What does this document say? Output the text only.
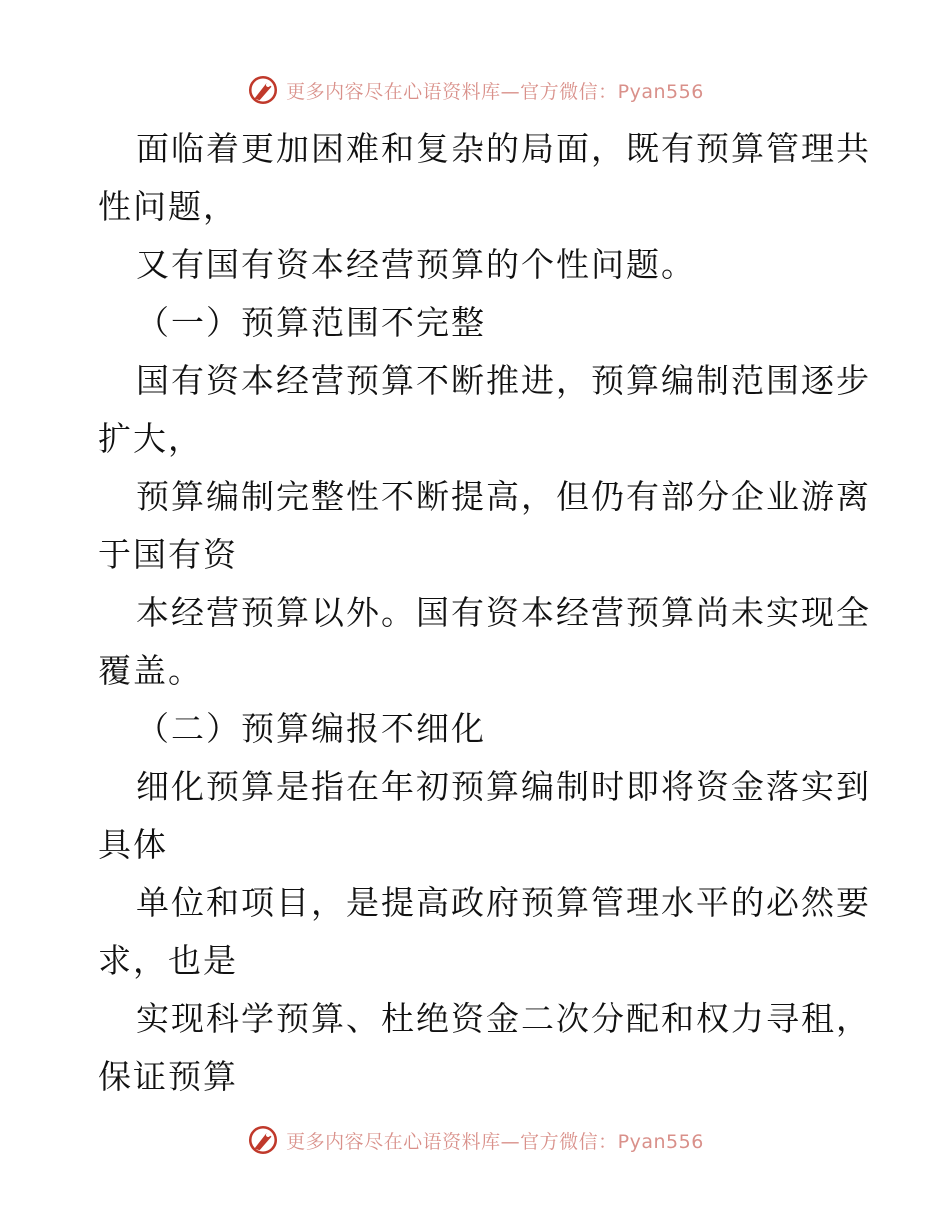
更多内容尽在心语资料库—官方微信：Pyan556
面临着更加困难和复杂的局面，既有预算管理共
性问题，
又有国有资本经营预算的个性问题。
（一）预算范围不完整
国有资本经营预算不断推进，预算编制范围逐步
扩大，
预算编制完整性不断提高，但仍有部分企业游离
于国有资
本经营预算以外。国有资本经营预算尚未实现全
覆盖。
（二）预算编报不细化
细化预算是指在年初预算编制时即将资金落实到
具体
单位和项目，是提高政府预算管理水平的必然要
求，也是
实现科学预算、杜绝资金二次分配和权力寻租，
保证预算
更多内容尽在心语资料库—官方微信：Pyan556
